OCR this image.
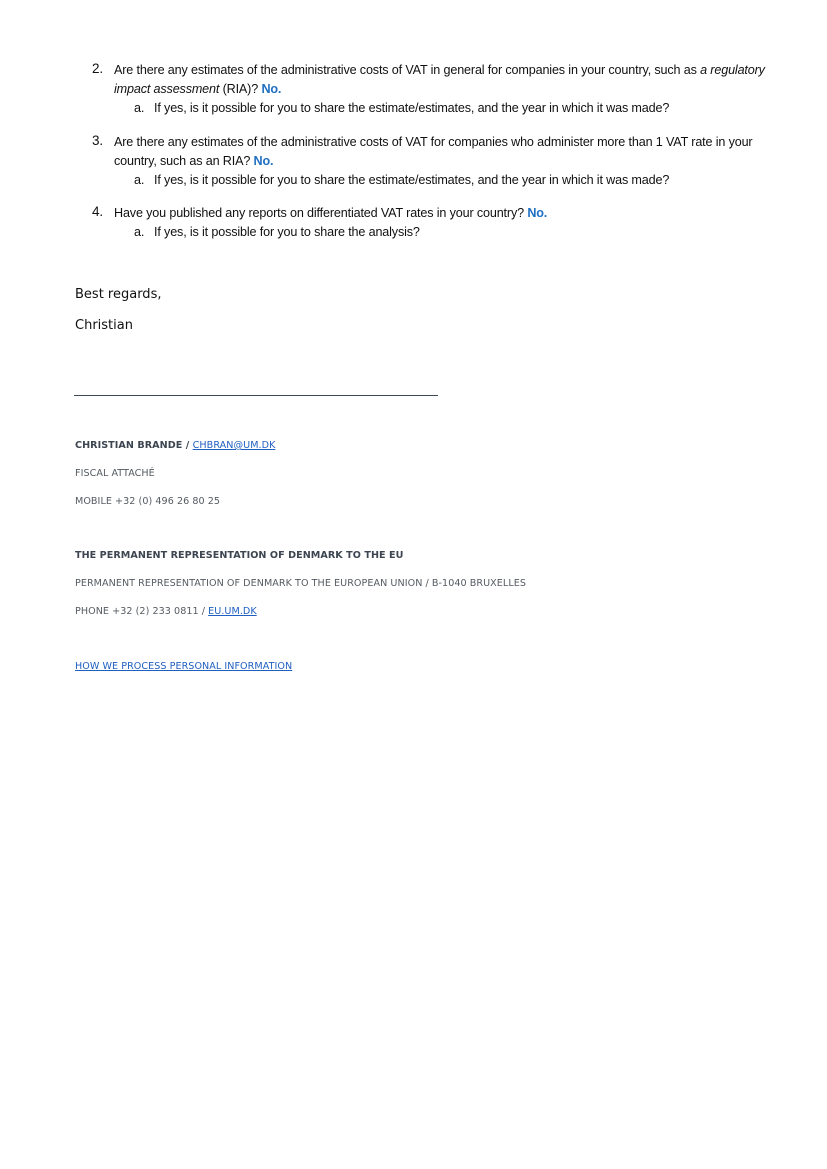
2. Are there any estimates of the administrative costs of VAT in general for companies in your country, such as a regulatory impact assessment (RIA)? No.
a. If yes, is it possible for you to share the estimate/estimates, and the year in which it was made?
3. Are there any estimates of the administrative costs of VAT for companies who administer more than 1 VAT rate in your country, such as an RIA? No.
a. If yes, is it possible for you to share the estimate/estimates, and the year in which it was made?
4. Have you published any reports on differentiated VAT rates in your country? No.
a. If yes, is it possible for you to share the analysis?
Best regards,
Christian
CHRISTIAN BRANDE / CHBRAN@UM.DK
FISCAL ATTACHÉ
MOBILE +32 (0) 496 26 80 25
THE PERMANENT REPRESENTATION OF DENMARK TO THE EU
PERMANENT REPRESENTATION OF DENMARK TO THE EUROPEAN UNION / B-1040 BRUXELLES
PHONE +32 (2) 233 0811 / EU.UM.DK
HOW WE PROCESS PERSONAL INFORMATION
